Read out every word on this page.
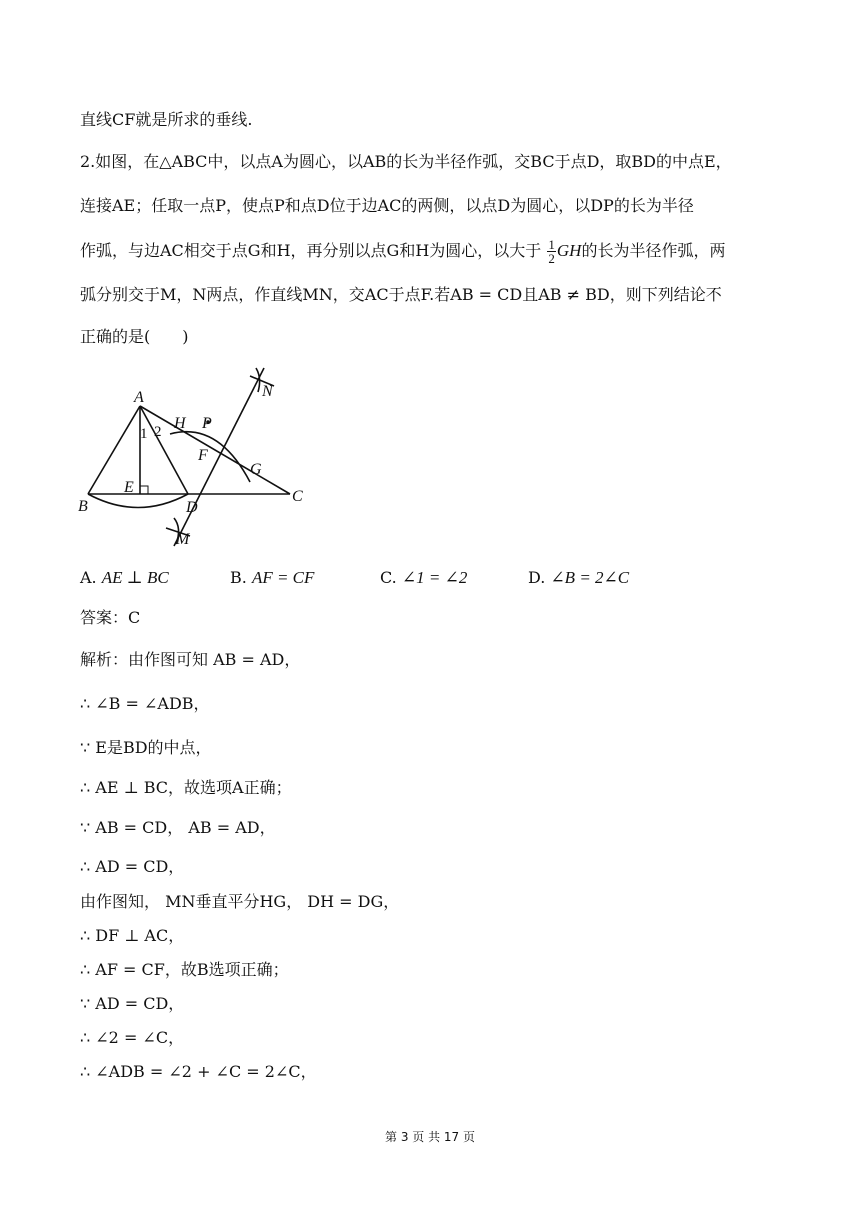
直线CF就是所求的垂线.
2.如图，在△ABC中，以点A为圆心，以AB的长为半径作弧，交BC于点D，取BD的中点E，
连接AE；任取一点P，使点P和点D位于边AC的两侧，以点D为圆心，以DP的长为半径
作弧，与边AC相交于点G和H，再分别以点G和H为圆心，以大于 $\frac{1}{2}$ GH的长为半径作弧，两
弧分别交于M，N两点，作直线MN，交AC于点F.若AB = CD且AB ≠ BD，则下列结论不
正确的是(　　)
A
B
C
D
E
F
G
H P
M
N
1 2
A. AE ⊥ BC	B. AF = CF	C. ∠1 = ∠2	D. ∠B = 2∠C
答案：C
解析：由作图可知 AB = AD，
∴ ∠B = ∠ADB，
∵ E是BD的中点，
∴ AE ⊥ BC，故选项A正确；
∵ AB = CD， AB = AD，
∴ AD = CD，
由作图知， MN垂直平分HG， DH = DG，
∴ DF ⊥ AC，
∴ AF = CF，故B选项正确；
∵ AD = CD，
∴ ∠2 = ∠C，
∴ ∠ADB = ∠2 + ∠C = 2∠C，
第 3 页 共 17 页
